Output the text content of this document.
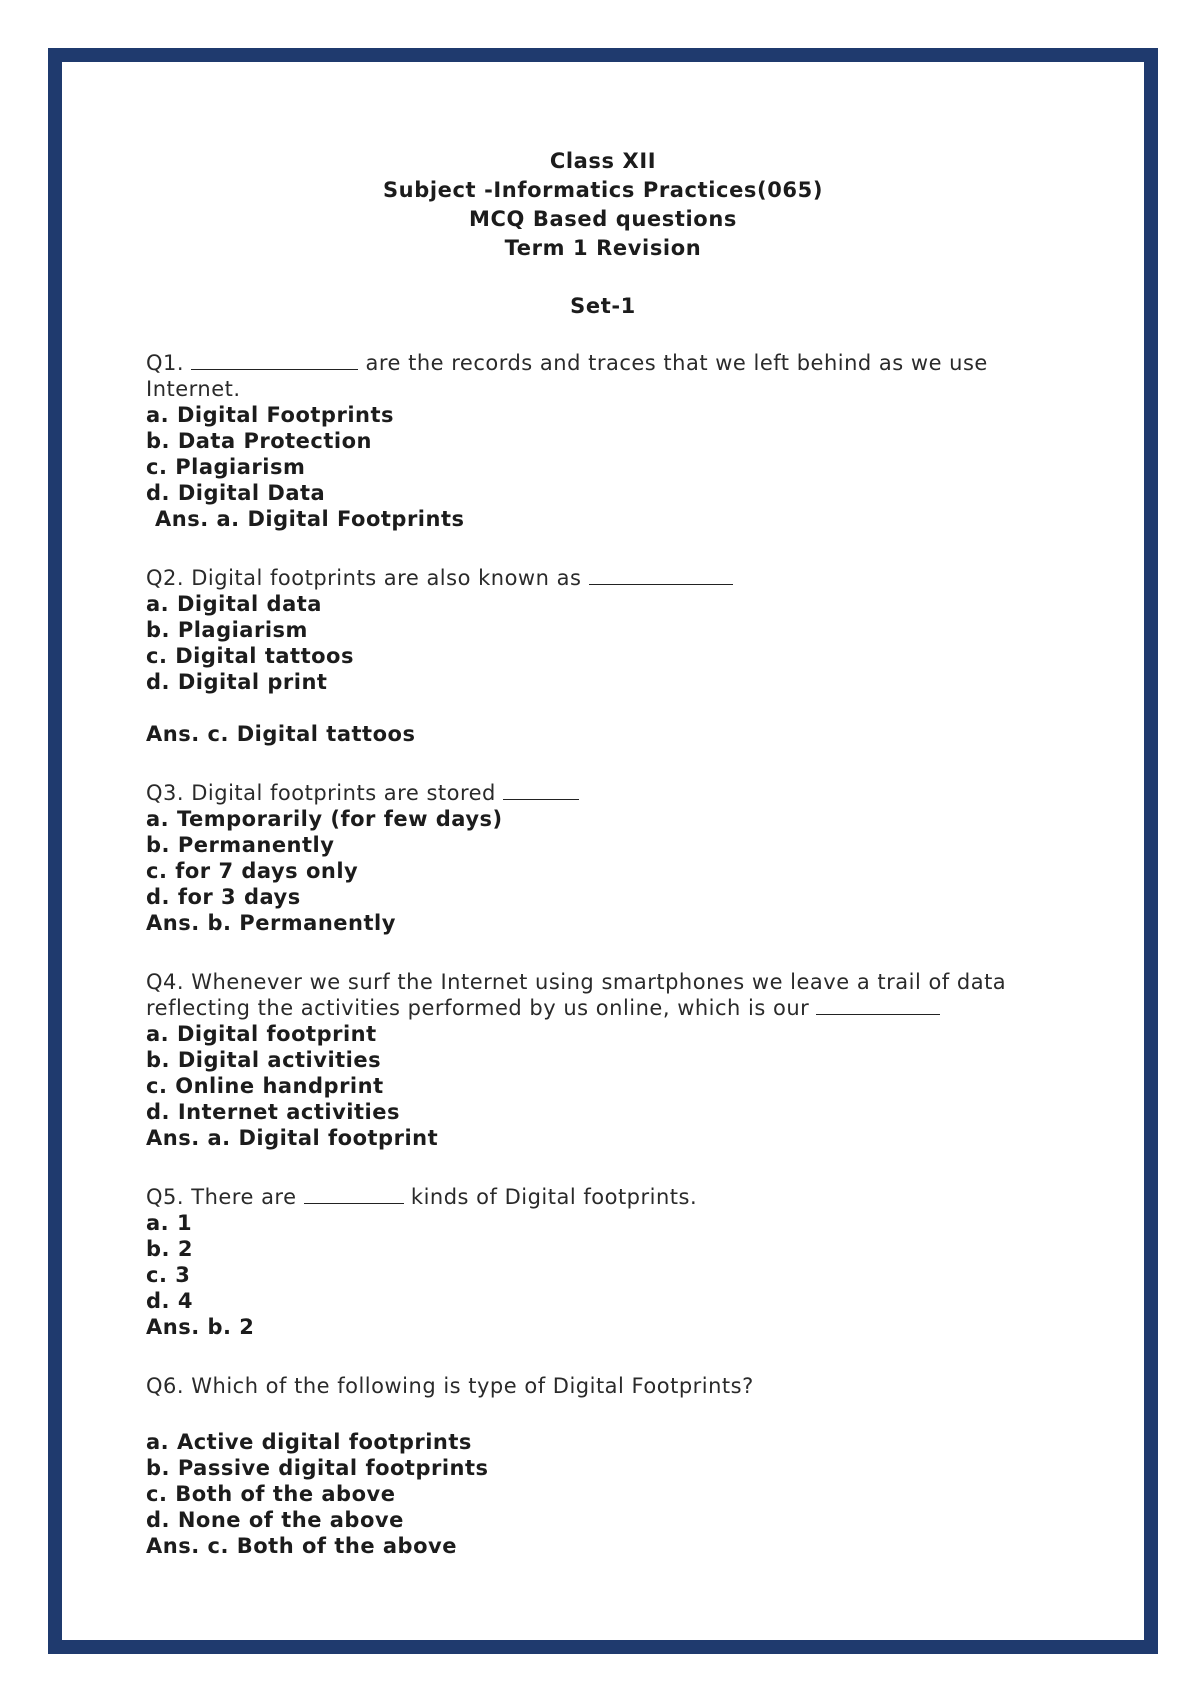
Class XII
Subject -Informatics Practices(065)
MCQ Based questions
Term 1 Revision
Set-1
Q1.	are the records and traces that we left behind as we use Internet.
a. Digital Footprints
b. Data Protection
c. Plagiarism
d. Digital Data
Ans. a. Digital Footprints
Q2. Digital footprints are also known as
a. Digital data
b. Plagiarism
c. Digital tattoos
d. Digital print
Ans. c. Digital tattoos
Q3. Digital footprints are stored
a. Temporarily (for few days)
b. Permanently
c. for 7 days only
d. for 3 days
Ans. b. Permanently
Q4. Whenever we surf the Internet using smartphones we leave a trail of data reflecting the activities performed by us online, which is our
a. Digital footprint
b. Digital activities
c. Online handprint
d. Internet activities
Ans. a. Digital footprint
Q5. There are	kinds of Digital footprints.
a. 1
b. 2
c. 3
d. 4
Ans. b. 2
Q6. Which of the following is type of Digital Footprints?
a. Active digital footprints
b. Passive digital footprints
c. Both of the above
d. None of the above
Ans. c. Both of the above
